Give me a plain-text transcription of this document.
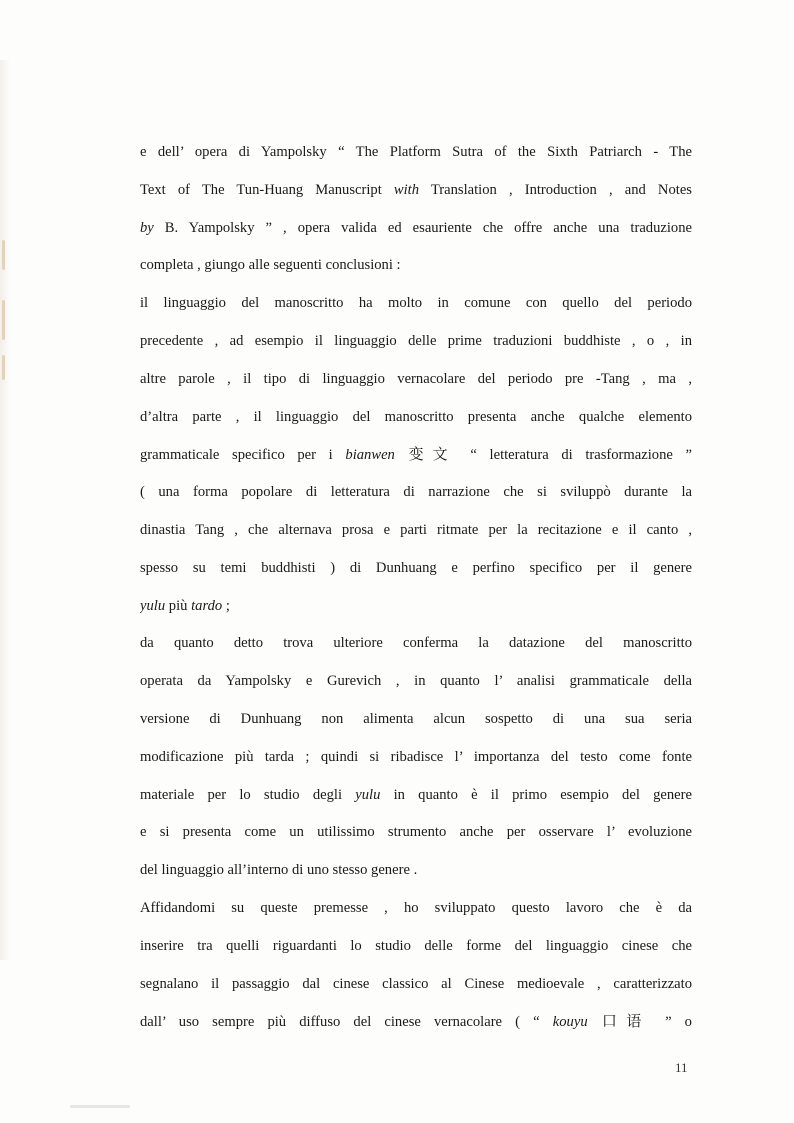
e dell’ opera di Yampolsky “ The Platform Sutra of the Sixth Patriarch - The
Text of The Tun-Huang Manuscript with Translation , Introduction , and Notes
by B. Yampolsky ” , opera valida ed esauriente che offre anche una traduzione
completa , giungo alle seguenti conclusioni :
il linguaggio del manoscritto ha molto in comune con quello del periodo
precedente , ad esempio il linguaggio delle prime traduzioni buddhiste , o , in
altre parole , il tipo di linguaggio vernacolare del periodo pre -Tang , ma ,
d’altra parte , il linguaggio del manoscritto presenta anche qualche elemento
grammaticale specifico per i bianwen 变文 “ letteratura di trasformazione ”
( una forma popolare di letteratura di narrazione che si sviluppò durante la
dinastia Tang , che alternava prosa e parti ritmate per la recitazione e il canto ,
spesso su temi buddhisti ) di Dunhuang e perfino specifico per il genere
yulu più tardo ;
da quanto detto trova ulteriore conferma la datazione del manoscritto
operata da Yampolsky e Gurevich , in quanto l’ analisi grammaticale della
versione di Dunhuang non alimenta alcun sospetto di una sua seria
modificazione più tarda ; quindi si ribadisce l’ importanza del testo come fonte
materiale per lo studio degli yulu in quanto è il primo esempio del genere
e si presenta come un utilissimo strumento anche per osservare l’ evoluzione
del linguaggio all’interno di uno stesso genere .
Affidandomi su queste premesse , ho sviluppato questo lavoro che è da
inserire tra quelli riguardanti lo studio delle forme del linguaggio cinese che
segnalano il passaggio dal cinese classico al Cinese medioevale , caratterizzato
dall’ uso sempre più diffuso del cinese vernacolare ( “ kouyu 口语 ” o
11
